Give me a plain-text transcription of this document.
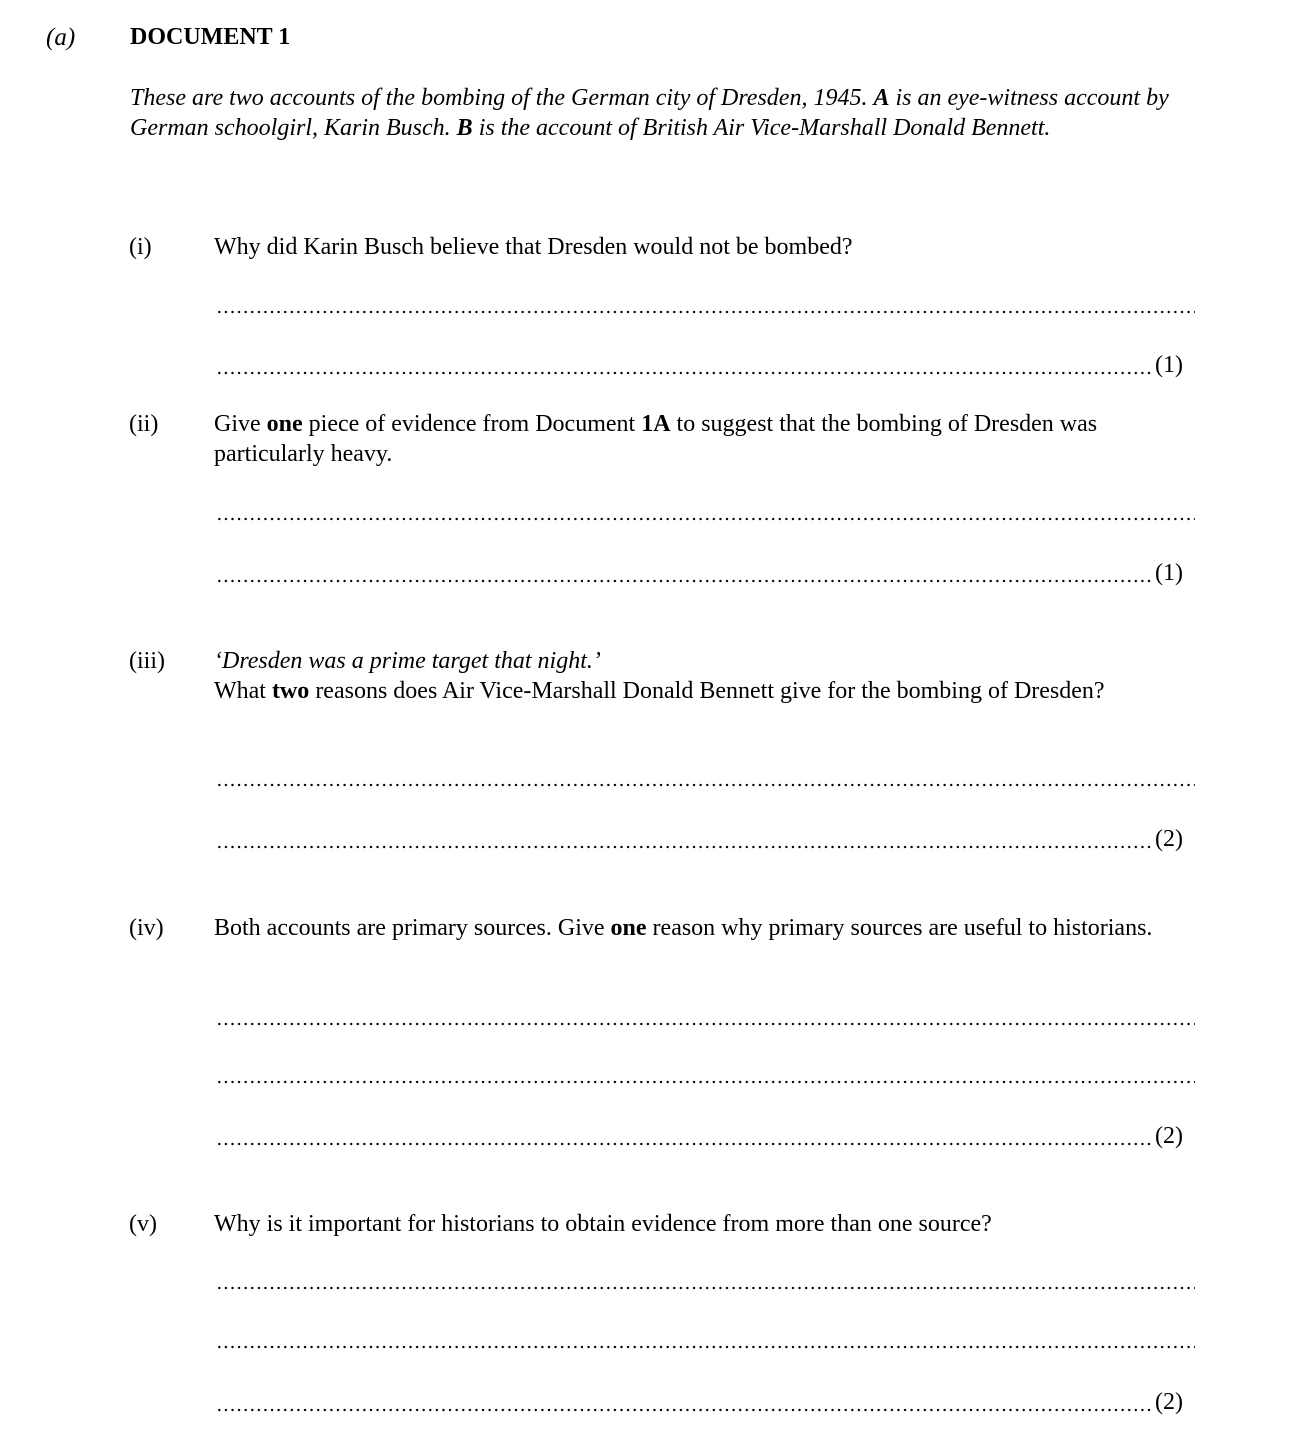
(a) DOCUMENT 1
These are two accounts of the bombing of the German city of Dresden, 1945. A is an eye-witness account by German schoolgirl, Karin Busch. B is the account of British Air Vice-Marshall Donald Bennett.
(i)	Why did Karin Busch believe that Dresden would not be bombed?
(1)
(ii) Give one piece of evidence from Document 1A to suggest that the bombing of Dresden was particularly heavy.
(1)
(iii) ‘Dresden was a prime target that night.’
What two reasons does Air Vice-Marshall Donald Bennett give for the bombing of Dresden?
(2)
(iv) Both accounts are primary sources. Give one reason why primary sources are useful to historians.
(2)
(v) Why is it important for historians to obtain evidence from more than one source?
(2)
